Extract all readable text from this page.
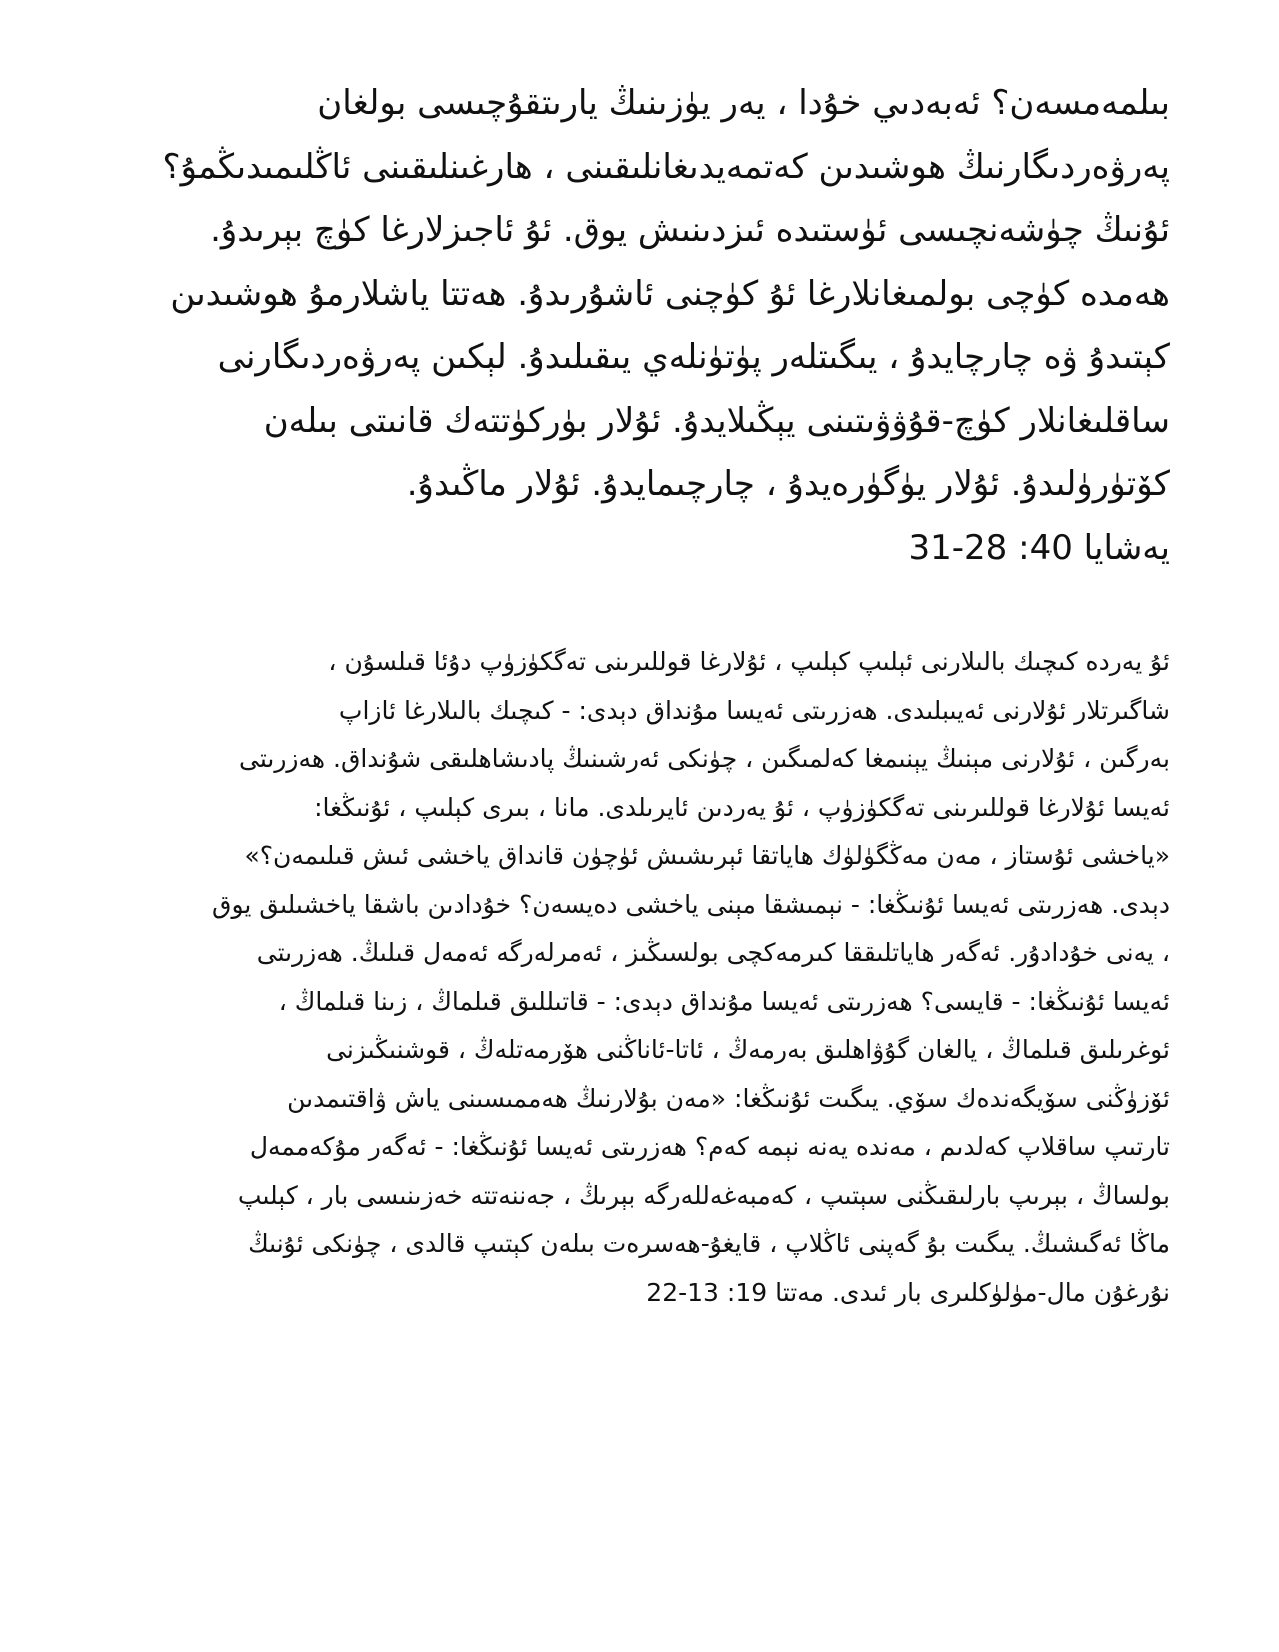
بىلمەمسەن؟ ئەبەدىي خۇدا ، يەر يۈزىنىڭ يارىتقۇچىسى بولغان
پەرۋەردىگارنىڭ ھوشىدىن كەتمەيدىغانلىقىنى ، ھارغىنلىقىنى ئاڭلىمىدىڭمۇ؟
ئۇنىڭ چۈشەنچىسى ئۈستىدە ئىزدىنىش يوق. ئۇ ئاجىزلارغا كۈچ بېرىدۇ.
ھەمدە كۈچى بولمىغانلارغا ئۇ كۈچنى ئاشۇرىدۇ. ھەتتا ياشلارمۇ ھوشىدىن
كېتىدۇ ۋە چارچايدۇ ، يىگىتلەر پۈتۈنلەي يىقىلىدۇ. لېكىن پەرۋەردىگارنى
ساقلىغانلار كۈچ-قۇۋۋىتىنى يېڭىلايدۇ. ئۇلار بۈركۈتتەك قانىتى بىلەن
كۆتۈرۈلىدۇ. ئۇلار يۈگۈرەيدۇ ، چارچىمايدۇ. ئۇلار ماڭىدۇ.
يەشايا 40: 28-31
ئۇ يەردە كىچىك بالىلارنى ئېلىپ كېلىپ ، ئۇلارغا قوللىرىنى تەگكۈزۈپ دۇئا قىلسۇن ،
شاگىرتلار ئۇلارنى ئەيىبلىدى. ھەزرىتى ئەيسا مۇنداق دېدى: - كىچىك بالىلارغا ئازاپ
بەرگىن ، ئۇلارنى مېنىڭ يېنىمغا كەلمىگىن ، چۈنكى ئەرشىنىڭ پادىشاھلىقى شۇنداق. ھەزرىتى
ئەيسا ئۇلارغا قوللىرىنى تەگكۈزۈپ ، ئۇ يەردىن ئايرىلدى. مانا ، بىرى كېلىپ ، ئۇنىڭغا:
«ياخشى ئۇستاز ، مەن مەڭگۈلۈك ھاياتقا ئېرىشىش ئۈچۈن قانداق ياخشى ئىش قىلىمەن؟»
دېدى. ھەزرىتى ئەيسا ئۇنىڭغا: - نېمىشقا مېنى ياخشى دەيسەن؟ خۇدادىن باشقا ياخشىلىق يوق
، يەنى خۇدادۇر. ئەگەر ھاياتلىققا كىرمەكچى بولسىڭىز ، ئەمرلەرگە ئەمەل قىلىڭ. ھەزرىتى
ئەيسا ئۇنىڭغا: - قايسى؟ ھەزرىتى ئەيسا مۇنداق دېدى: - قاتىللىق قىلماڭ ، زىنا قىلماڭ ،
ئوغرىلىق قىلماڭ ، يالغان گۇۋاھلىق بەرمەڭ ، ئاتا-ئاناڭنى ھۆرمەتلەڭ ، قوشنىڭىزنى
ئۆزۈڭنى سۆيگەندەك سۆي. يىگىت ئۇنىڭغا: «مەن بۇلارنىڭ ھەممىسىنى ياش ۋاقتىمدىن
تارتىپ ساقلاپ كەلدىم ، مەندە يەنە نېمە كەم؟ ھەزرىتى ئەيسا ئۇنىڭغا: - ئەگەر مۇكەممەل
بولساڭ ، بېرىپ بارلىقىڭنى سېتىپ ، كەمبەغەللەرگە بېرىڭ ، جەننەتتە خەزىنىسى بار ، كېلىپ
ماڭا ئەگىشىڭ. يىگىت بۇ گەپنى ئاڭلاپ ، قايغۇ-ھەسرەت بىلەن كېتىپ قالدى ، چۈنكى ئۇنىڭ
نۇرغۇن مال-مۈلۈكلىرى بار ئىدى. مەتتا 19: 13-22
